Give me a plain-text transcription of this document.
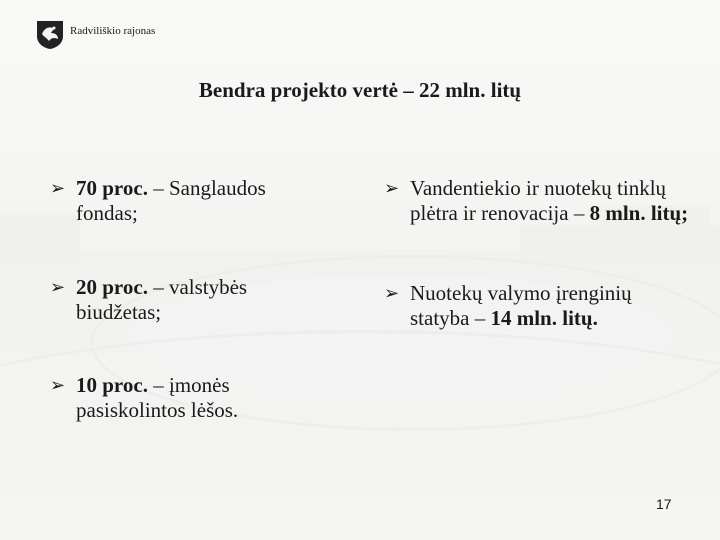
Radviliškio rajonas
Bendra projekto vertė – 22 mln. litų
➢ 70 proc. – Sanglaudos fondas;
➢ 20 proc. – valstybės biudžetas;
➢ 10 proc. – įmonės pasiskolintos lėšos.
➢ Vandentiekio ir nuotekų tinklų plėtra ir renovacija – 8 mln. litų;
➢ Nuotekų valymo įrenginių statyba – 14 mln. litų.
17
